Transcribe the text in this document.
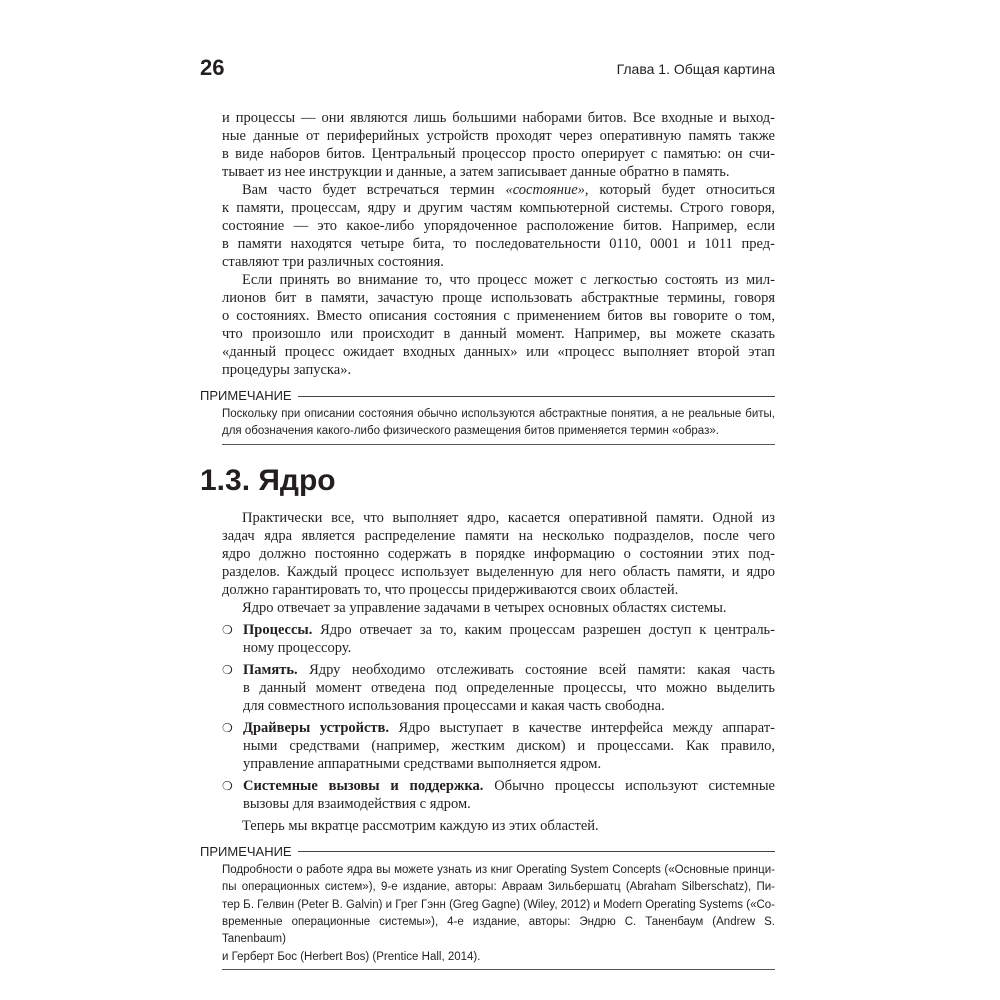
26	Глава 1. Общая картина
и процессы — они являются лишь большими наборами битов. Все входные и выход-
ные данные от периферийных устройств проходят через оперативную память также
в виде наборов битов. Центральный процессор просто оперирует с памятью: он счи-
тывает из нее инструкции и данные, а затем записывает данные обратно в память.
Вам часто будет встречаться термин «состояние», который будет относиться
к памяти, процессам, ядру и другим частям компьютерной системы. Строго говоря,
состояние — это какое-либо упорядоченное расположение битов. Например, если
в памяти находятся четыре бита, то последовательности 0110, 0001 и 1011 пред-
ставляют три различных состояния.
Если принять во внимание то, что процесс может с легкостью состоять из мил-
лионов бит в памяти, зачастую проще использовать абстрактные термины, говоря
о состояниях. Вместо описания состояния с применением битов вы говорите о том,
что произошло или происходит в данный момент. Например, вы можете сказать
«данный процесс ожидает входных данных» или «процесс выполняет второй этап
процедуры запуска».
ПРИМЕЧАНИЕ
Поскольку при описании состояния обычно используются абстрактные понятия, а не реальные биты,
для обозначения какого-либо физического размещения битов применяется термин «образ».
1.3. Ядро
Практически все, что выполняет ядро, касается оперативной памяти. Одной из
задач ядра является распределение памяти на несколько подразделов, после чего
ядро должно постоянно содержать в порядке информацию о состоянии этих под-
разделов. Каждый процесс использует выделенную для него область памяти, и ядро
должно гарантировать то, что процессы придерживаются своих областей.
Ядро отвечает за управление задачами в четырех основных областях системы.
❍ Процессы. Ядро отвечает за то, каким процессам разрешен доступ к централь-
ному процессору.
❍ Память. Ядру необходимо отслеживать состояние всей памяти: какая часть
в данный момент отведена под определенные процессы, что можно выделить
для совместного использования процессами и какая часть свободна.
❍ Драйверы устройств. Ядро выступает в качестве интерфейса между аппарат-
ными средствами (например, жестким диском) и процессами. Как правило,
управление аппаратными средствами выполняется ядром.
❍ Системные вызовы и поддержка. Обычно процессы используют системные
вызовы для взаимодействия с ядром.
Теперь мы вкратце рассмотрим каждую из этих областей.
ПРИМЕЧАНИЕ
Подробности о работе ядра вы можете узнать из книг Operating System Concepts («Основные принци-
пы операционных систем»), 9-е издание, авторы: Авраам Зильбершатц (Abraham Silberschatz), Пи-
тер Б. Гелвин (Peter B. Galvin) и Грег Гэнн (Greg Gagne) (Wiley, 2012) и Modern Operating Systems («Со-
временные операционные системы»), 4-е издание, авторы: Эндрю С. Таненбаум (Andrew S. Tanenbaum)
и Герберт Бос (Herbert Bos) (Prentice Hall, 2014).
